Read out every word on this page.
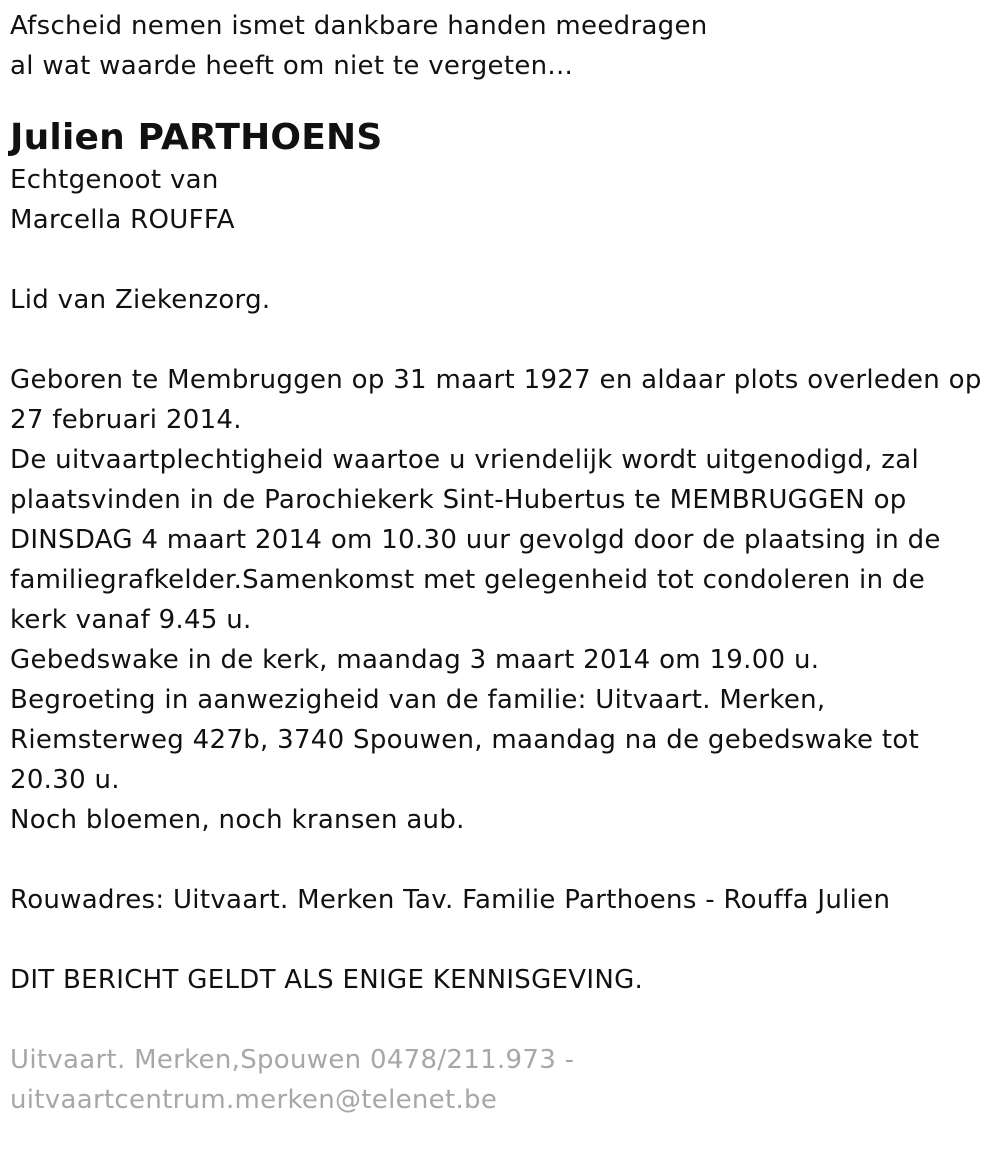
Afscheid nemen ismet dankbare handen meedragen
al wat waarde heeft om niet te vergeten...
Julien PARTHOENS
Echtgenoot van
Marcella ROUFFA
Lid van Ziekenzorg.
Geboren te Membruggen op 31 maart 1927 en aldaar plots overleden op
27 februari 2014.
De uitvaartplechtigheid waartoe u vriendelijk wordt uitgenodigd, zal
plaatsvinden in de Parochiekerk Sint-Hubertus te MEMBRUGGEN op
DINSDAG 4 maart 2014 om 10.30 uur gevolgd door de plaatsing in de
familiegrafkelder.Samenkomst met gelegenheid tot condoleren in de
kerk vanaf 9.45 u.
Gebedswake in de kerk, maandag 3 maart 2014 om 19.00 u.
Begroeting in aanwezigheid van de familie: Uitvaart. Merken,
Riemsterweg 427b, 3740 Spouwen, maandag na de gebedswake tot
20.30 u.
Noch bloemen, noch kransen aub.
Rouwadres: Uitvaart. Merken Tav. Familie Parthoens - Rouffa Julien
DIT BERICHT GELDT ALS ENIGE KENNISGEVING.
Uitvaart. Merken,Spouwen 0478/211.973 -
uitvaartcentrum.merken@telenet.be
